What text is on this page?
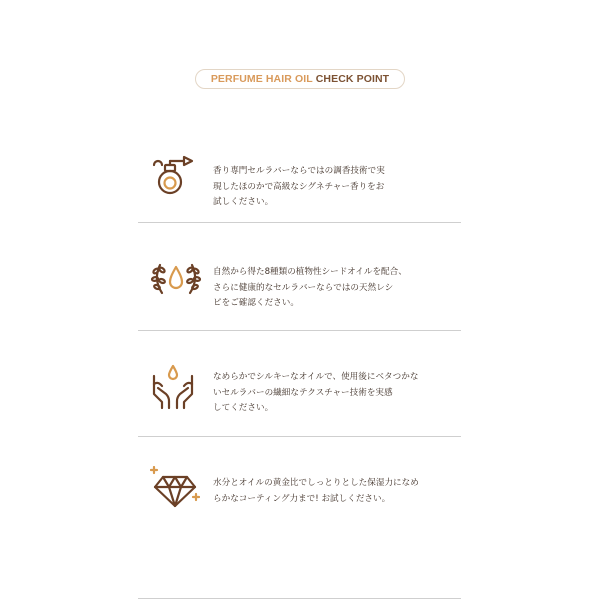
PERFUME HAIR OIL CHECK POINT
香り専門セルラバーならではの調香技術で実
現したほのかで高級なシグネチャー香りをお
試しください。
自然から得た8種類の植物性シードオイルを配合、
さらに健康的なセルラバーならではの天然レシ
ピをご確認ください。
なめらかでシルキーなオイルで、使用後にベタつかな
いセルラバーの繊細なテクスチャー技術を実感
してください。
水分とオイルの黄金比でしっとりとした保湿力になめ
らかなコーティング力まで! お試しください。
